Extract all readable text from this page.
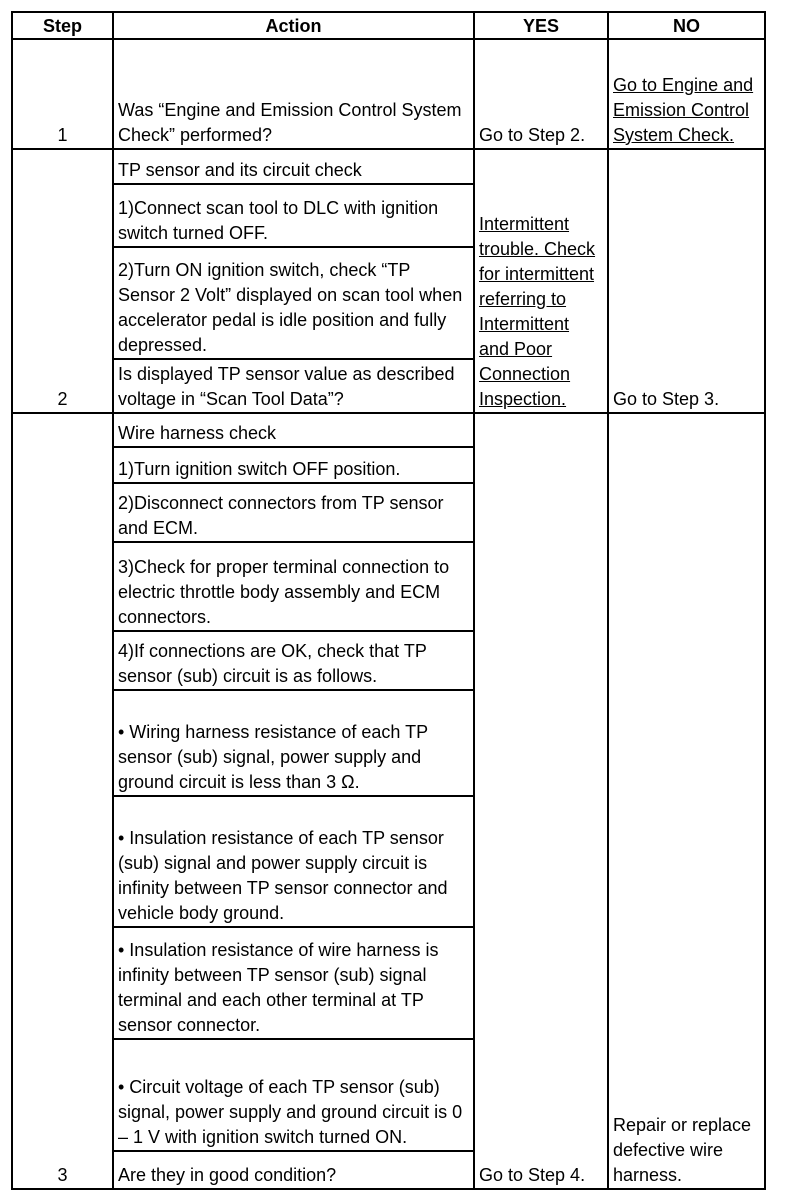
Step	Action	YES	NO
1	Was “Engine and Emission Control System Check” performed?	Go to Step 2.	Go to Engine and Emission Control System Check.
2	TP sensor and its circuit check	Intermittent trouble. Check for intermittent referring to Intermittent and Poor Connection Inspection.	Go to Step 3.
	1)Connect scan tool to DLC with ignition switch turned OFF.		
	2)Turn ON ignition switch, check “TP Sensor 2 Volt” displayed on scan tool when accelerator pedal is idle position and fully depressed.		
	Is displayed TP sensor value as described voltage in “Scan Tool Data”?		
3	Wire harness check	Go to Step 4.	Repair or replace defective wire harness.
	1)Turn ignition switch OFF position.		
	2)Disconnect connectors from TP sensor and ECM.		
	3)Check for proper terminal connection to electric throttle body assembly and ECM connectors.		
	4)If connections are OK, check that TP sensor (sub) circuit is as follows.		
	• Wiring harness resistance of each TP sensor (sub) signal, power supply and ground circuit is less than 3 Ω.		
	• Insulation resistance of each TP sensor (sub) signal and power supply circuit is infinity between TP sensor connector and vehicle body ground.		
	• Insulation resistance of wire harness is infinity between TP sensor (sub) signal terminal and each other terminal at TP sensor connector.		
	• Circuit voltage of each TP sensor (sub) signal, power supply and ground circuit is 0 – 1 V with ignition switch turned ON.		
	Are they in good condition?		
